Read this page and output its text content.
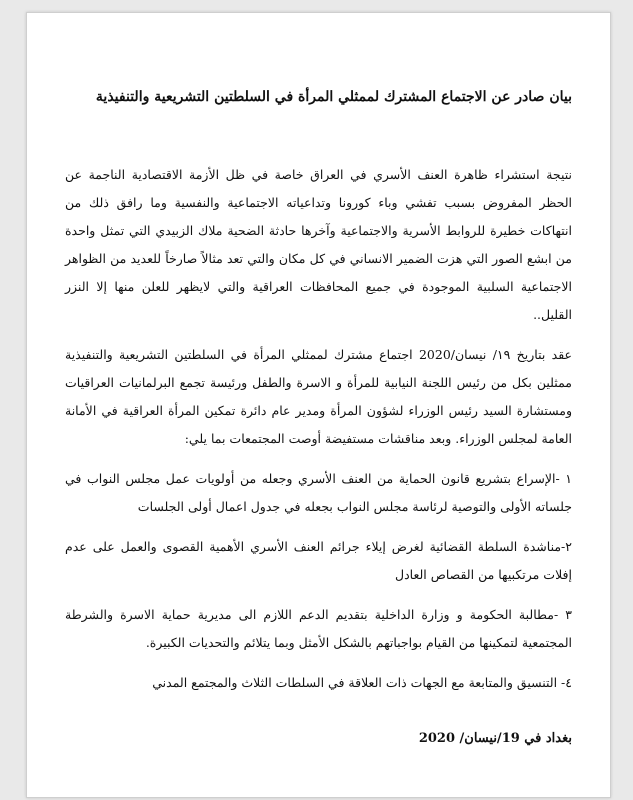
بيان صادر عن الاجتماع المشترك لممثلي المرأة في السلطتين التشريعية والتنفيذية

نتيجة استشراء ظاهرة العنف الأسري في العراق خاصة في ظل الأزمة الاقتصادية الناجمة عن الحظر المفروض بسبب تفشي وباء كورونا وتداعياته الاجتماعية والنفسية وما رافق ذلك من انتهاكات خطيرة للروابط الأسرية والاجتماعية وآخرها حادثة الضحية ملاك الزبيدي التي تمثل واحدة من ابشع الصور التي هزت الضمير الانساني في كل مكان والتي تعد مثالاً صارخاً للعديد من الظواهر الاجتماعية السلبية الموجودة في جميع المحافظات العراقية والتي لايظهر للعلن منها إلا النزر القليل..

عقد بتاريخ ١٩/ نيسان/2020 اجتماع مشترك لممثلي المرأة في السلطتين التشريعية والتنفيذية ممثلين بكل من رئيس اللجنة النيابية للمرأة و الاسرة والطفل ورئيسة تجمع البرلمانيات العراقيات ومستشارة السيد رئيس الوزراء لشؤون المرأة ومدير عام دائرة تمكين المرأة العراقية في الأمانة العامة لمجلس الوزراء. وبعد مناقشات مستفيضة أوصت المجتمعات بما يلي:

١ -الإسراع بتشريع قانون الحماية من العنف الأسري وجعله من أولويات عمل مجلس النواب في جلساته الأولى والتوصية لرئاسة مجلس النواب بجعله في جدول اعمال أولى الجلسات

٢-مناشدة السلطة القضائية لغرض إيلاء جرائم العنف الأسري الأهمية القصوى والعمل على عدم إفلات مرتكبيها من القصاص العادل

٣ -مطالبة الحكومة و وزارة الداخلية بتقديم الدعم اللازم الى مديرية حماية الاسرة والشرطة المجتمعية لتمكينها من القيام بواجباتهم بالشكل الأمثل وبما يتلائم والتحديات الكبيرة.

٤- التنسيق والمتابعة مع الجهات ذات العلاقة في السلطات الثلاث والمجتمع المدني

بغداد في 19/نيسان/ 2020
